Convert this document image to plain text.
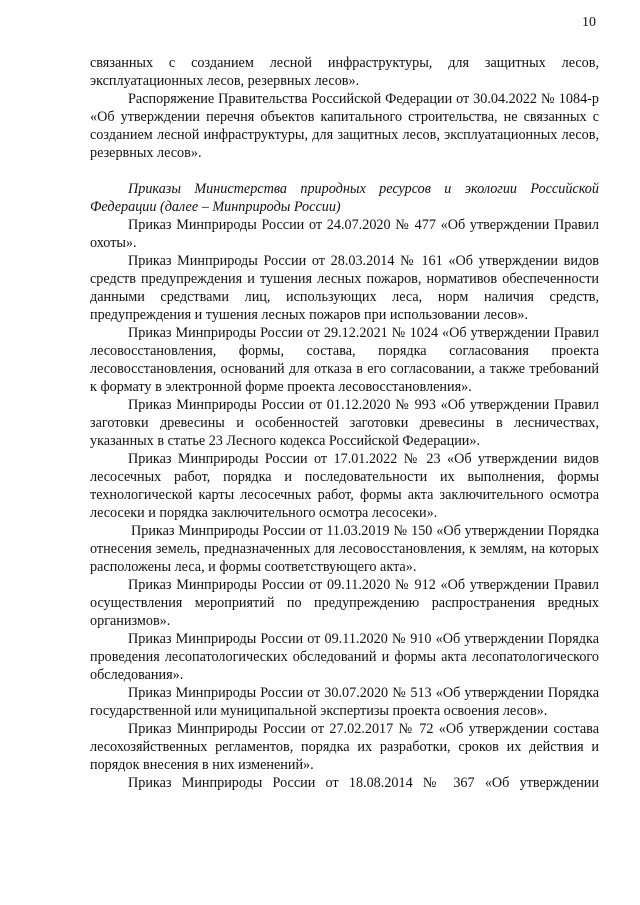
10

связанных с созданием лесной инфраструктуры, для защитных лесов, эксплуатационных лесов, резервных лесов».

Распоряжение Правительства Российской Федерации от 30.04.2022 № 1084-р «Об утверждении перечня объектов капитального строительства, не связанных с созданием лесной инфраструктуры, для защитных лесов, эксплуатационных лесов, резервных лесов».

Приказы Министерства природных ресурсов и экологии Российской Федерации (далее – Минприроды России)

Приказ Минприроды России от 24.07.2020 № 477 «Об утверждении Правил охоты».

Приказ Минприроды России от 28.03.2014 № 161 «Об утверждении видов средств предупреждения и тушения лесных пожаров, нормативов обеспеченности данными средствами лиц, использующих леса, норм наличия средств, предупреждения и тушения лесных пожаров при использовании лесов».

Приказ Минприроды России от 29.12.2021 № 1024 «Об утверждении Правил лесовосстановления, формы, состава, порядка согласования проекта лесовосстановления, оснований для отказа в его согласовании, а также требований к формату в электронной форме проекта лесовосстановления».

Приказ Минприроды России от 01.12.2020 № 993 «Об утверждении Правил заготовки древесины и особенностей заготовки древесины в лесничествах, указанных в статье 23 Лесного кодекса Российской Федерации».

Приказ Минприроды России от 17.01.2022 № 23 «Об утверждении видов лесосечных работ, порядка и последовательности их выполнения, формы технологической карты лесосечных работ, формы акта заключительного осмотра лесосеки и порядка заключительного осмотра лесосеки».

Приказ Минприроды России от 11.03.2019 № 150 «Об утверждении Порядка отнесения земель, предназначенных для лесовосстановления, к землям, на которых расположены леса, и формы соответствующего акта».

Приказ Минприроды России от 09.11.2020 № 912 «Об утверждении Правил осуществления мероприятий по предупреждению распространения вредных организмов».

Приказ Минприроды России от 09.11.2020 № 910 «Об утверждении Порядка проведения лесопатологических обследований и формы акта лесопатологического обследования».

Приказ Минприроды России от 30.07.2020 № 513 «Об утверждении Порядка государственной или муниципальной экспертизы проекта освоения лесов».

Приказ Минприроды России от 27.02.2017 № 72 «Об утверждении состава лесохозяйственных регламентов, порядка их разработки, сроков их действия и порядок внесения в них изменений».

Приказ Минприроды России от 18.08.2014 № 367 «Об утверждении
